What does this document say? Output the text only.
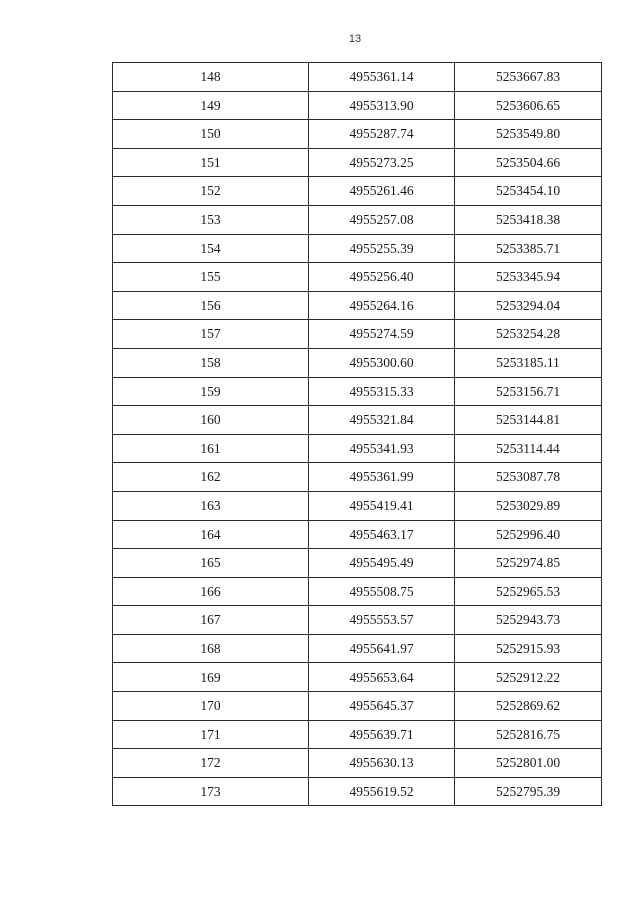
13
148	4955361.14	5253667.83
149	4955313.90	5253606.65
150	4955287.74	5253549.80
151	4955273.25	5253504.66
152	4955261.46	5253454.10
153	4955257.08	5253418.38
154	4955255.39	5253385.71
155	4955256.40	5253345.94
156	4955264.16	5253294.04
157	4955274.59	5253254.28
158	4955300.60	5253185.11
159	4955315.33	5253156.71
160	4955321.84	5253144.81
161	4955341.93	5253114.44
162	4955361.99	5253087.78
163	4955419.41	5253029.89
164	4955463.17	5252996.40
165	4955495.49	5252974.85
166	4955508.75	5252965.53
167	4955553.57	5252943.73
168	4955641.97	5252915.93
169	4955653.64	5252912.22
170	4955645.37	5252869.62
171	4955639.71	5252816.75
172	4955630.13	5252801.00
173	4955619.52	5252795.39
